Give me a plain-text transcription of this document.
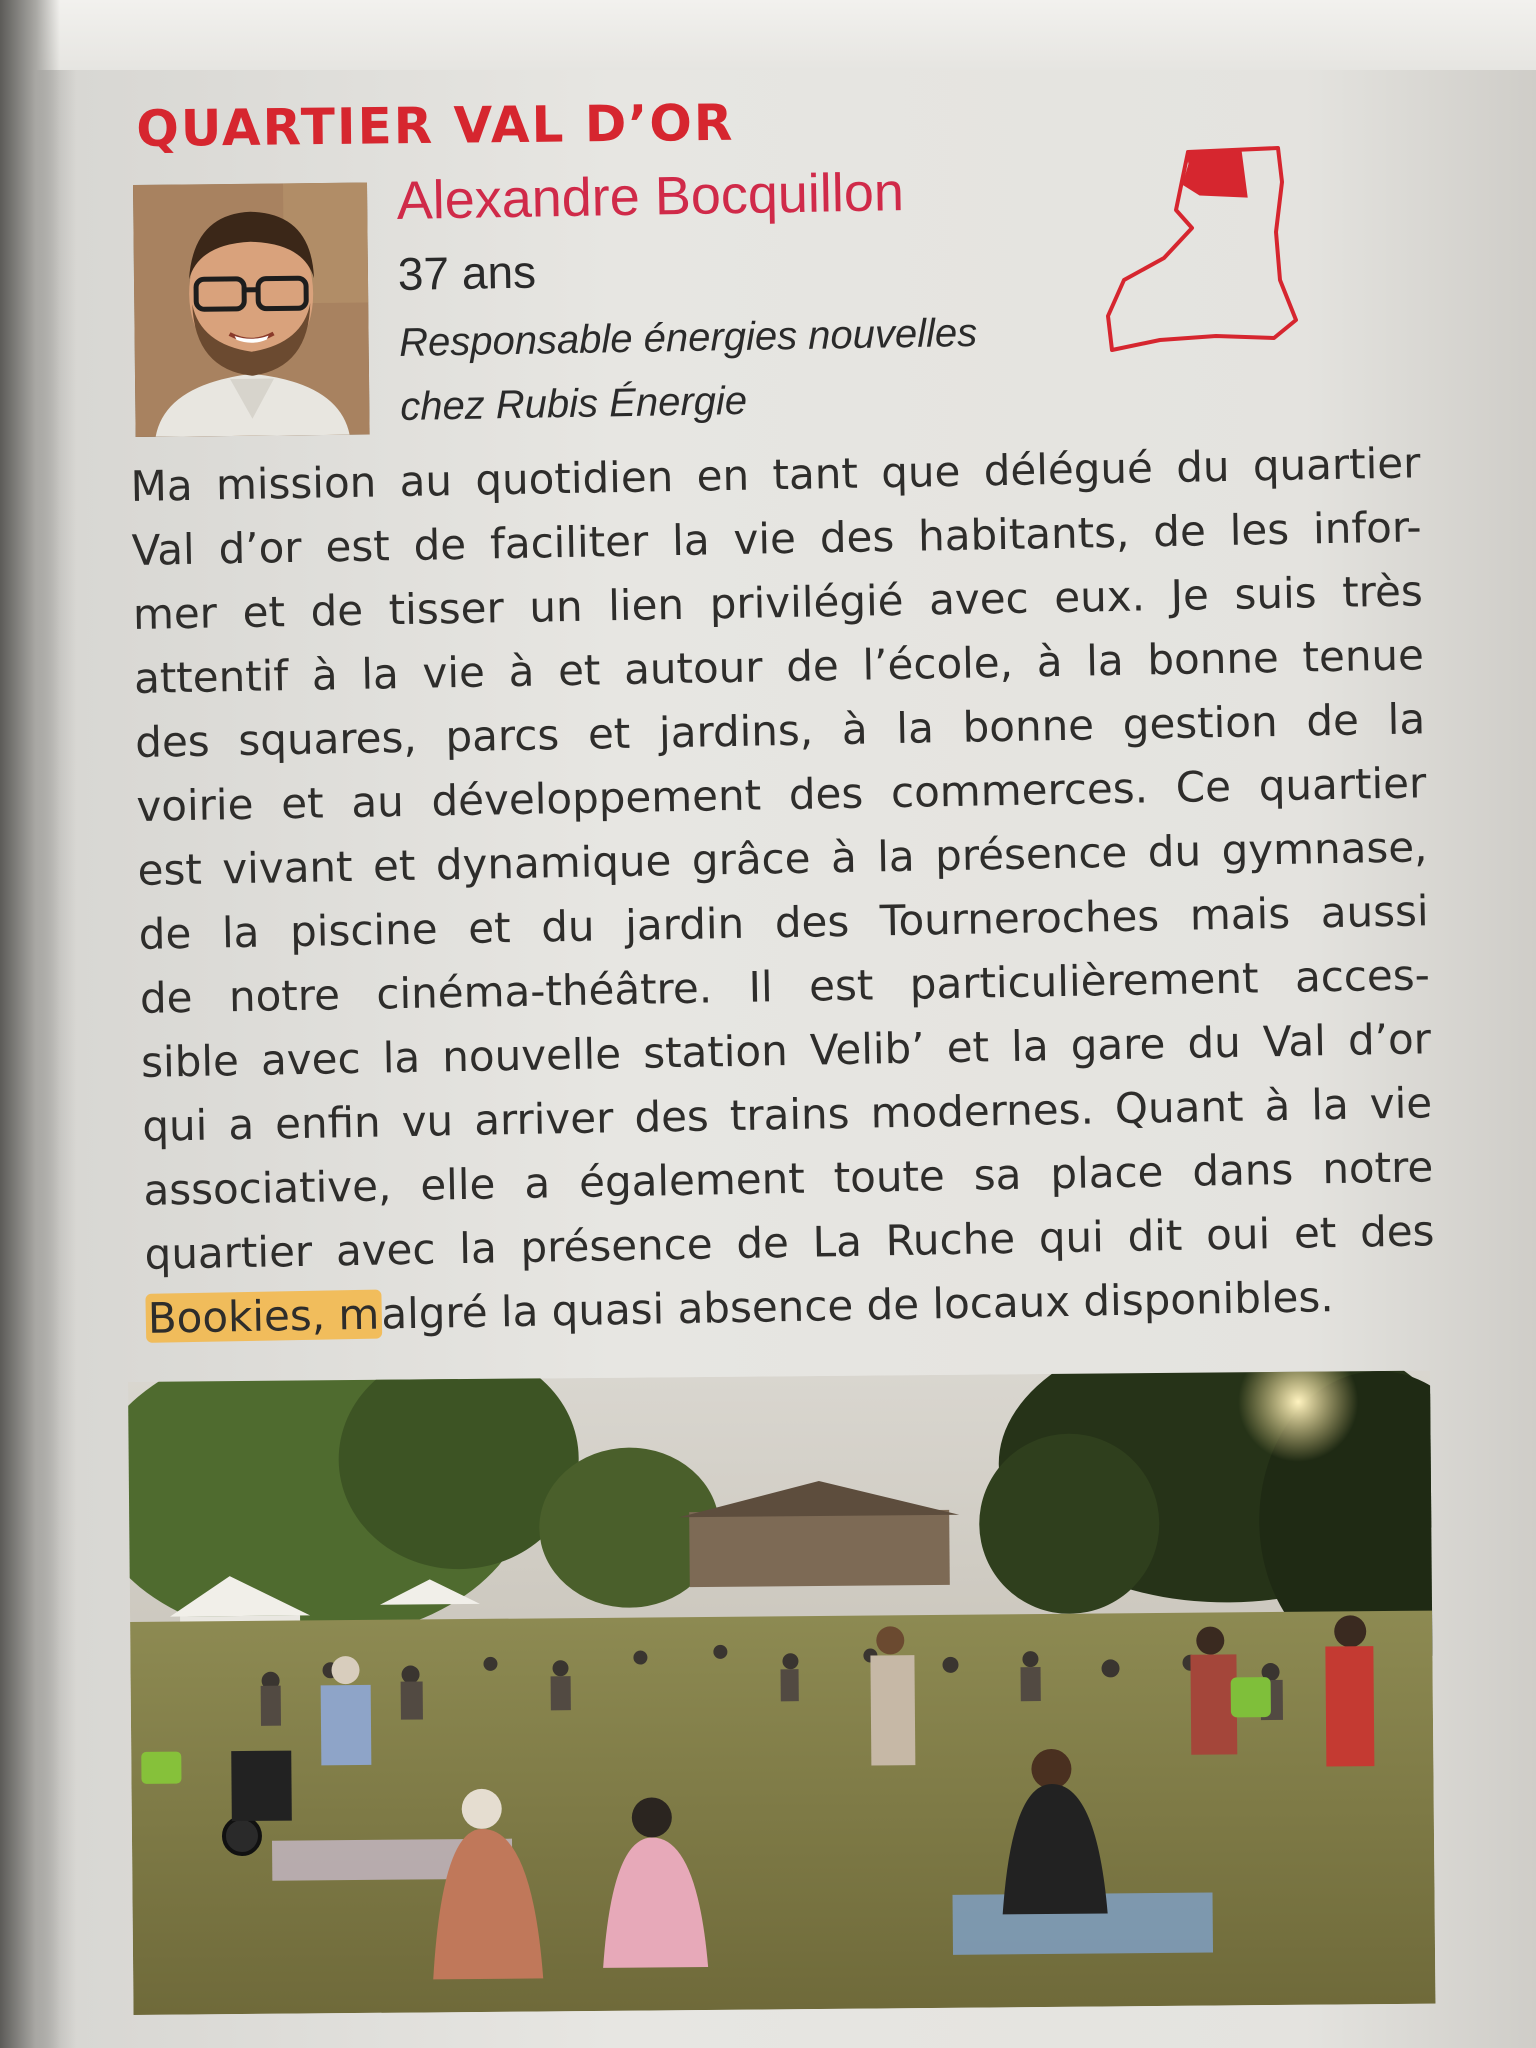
QUARTIER VAL D’OR
Alexandre Bocquillon
37 ans
Responsable énergies nouvelles
chez Rubis Énergie
Ma mission au quotidien en tant que délégué du quartier
Val d’or est de faciliter la vie des habitants, de les infor-
mer et de tisser un lien privilégié avec eux. Je suis très
attentif à la vie à et autour de l’école, à la bonne tenue
des squares, parcs et jardins, à la bonne gestion de la
voirie et au développement des commerces. Ce quartier
est vivant et dynamique grâce à la présence du gymnase,
de la piscine et du jardin des Tourneroches mais aussi
de notre cinéma-théâtre. Il est particulièrement acces-
sible avec la nouvelle station Velib’ et la gare du Val d’or
qui a enfin vu arriver des trains modernes. Quant à la vie
associative, elle a également toute sa place dans notre
quartier avec la présence de La Ruche qui dit oui et des
Bookies, malgré la quasi absence de locaux disponibles.
